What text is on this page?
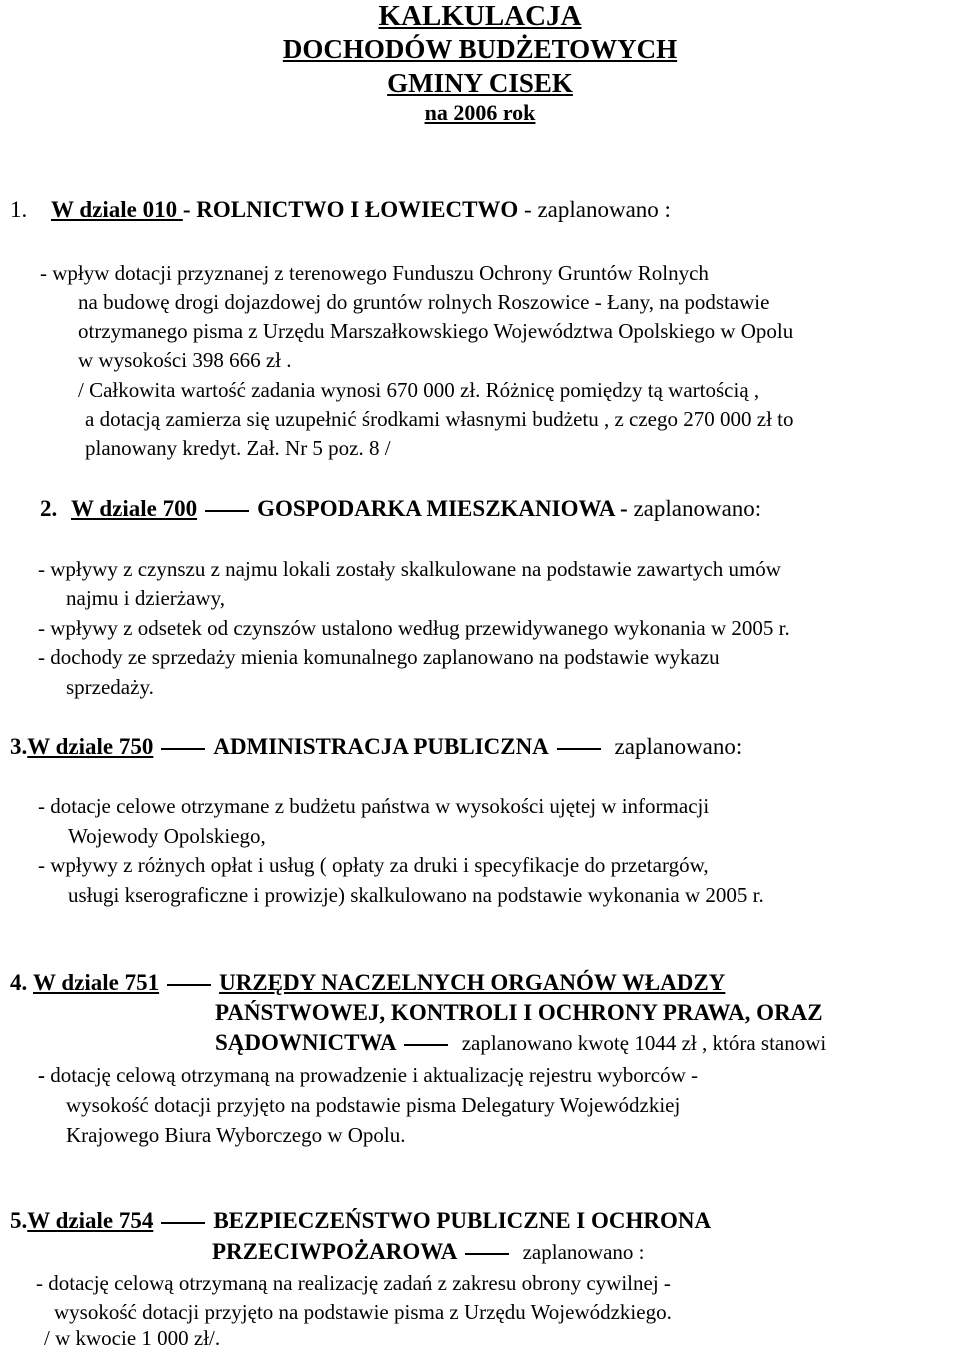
KALKULACJA
DOCHODÓW BUDŻETOWYCH
GMINY CISEK
na 2006 rok
1. W dziale 010 - ROLNICTWO I ŁOWIECTWO - zaplanowano :
- wpływ dotacji przyznanej z terenowego Funduszu Ochrony Gruntów Rolnych
na budowę drogi dojazdowej do gruntów rolnych Roszowice - Łany, na podstawie
otrzymanego pisma z Urzędu Marszałkowskiego Województwa Opolskiego w Opolu
w wysokości 398 666 zł .
/ Całkowita wartość zadania wynosi 670 000 zł. Różnicę pomiędzy tą wartością ,
a dotacją zamierza się uzupełnić środkami własnymi budżetu , z czego 270 000 zł to
planowany kredyt. Zał. Nr 5 poz. 8 /
2. W dziale 700	GOSPODARKA MIESZKANIOWA - zaplanowano:
- wpływy z czynszu z najmu lokali zostały skalkulowane na podstawie zawartych umów
najmu i dzierżawy,
- wpływy z odsetek od czynszów ustalono według przewidywanego wykonania w 2005 r.
- dochody ze sprzedaży mienia komunalnego zaplanowano na podstawie wykazu
sprzedaży.
3.W dziale 750	ADMINISTRACJA PUBLICZNA	zaplanowano:
- dotacje celowe otrzymane z budżetu państwa w wysokości ujętej w informacji
Wojewody Opolskiego,
- wpływy z różnych opłat i usług ( opłaty za druki i specyfikacje do przetargów,
usługi kserograficzne i prowizje) skalkulowano na podstawie wykonania w 2005 r.
4. W dziale 751	URZĘDY NACZELNYCH ORGANÓW WŁADZY
PAŃSTWOWEJ, KONTROLI I OCHRONY PRAWA, ORAZ
SĄDOWNICTWA	zaplanowano kwotę 1044 zł , która stanowi
- dotację celową otrzymaną na prowadzenie i aktualizację rejestru wyborców -
wysokość dotacji przyjęto na podstawie pisma Delegatury Wojewódzkiej
Krajowego Biura Wyborczego w Opolu.
5.W dziale 754	BEZPIECZEŃSTWO PUBLICZNE I OCHRONA
PRZECIWPOŻAROWA	zaplanowano :
- dotację celową otrzymaną na realizację zadań z zakresu obrony cywilnej -
wysokość dotacji przyjęto na podstawie pisma z Urzędu Wojewódzkiego.
/ w kwocie 1 000 zł/.
